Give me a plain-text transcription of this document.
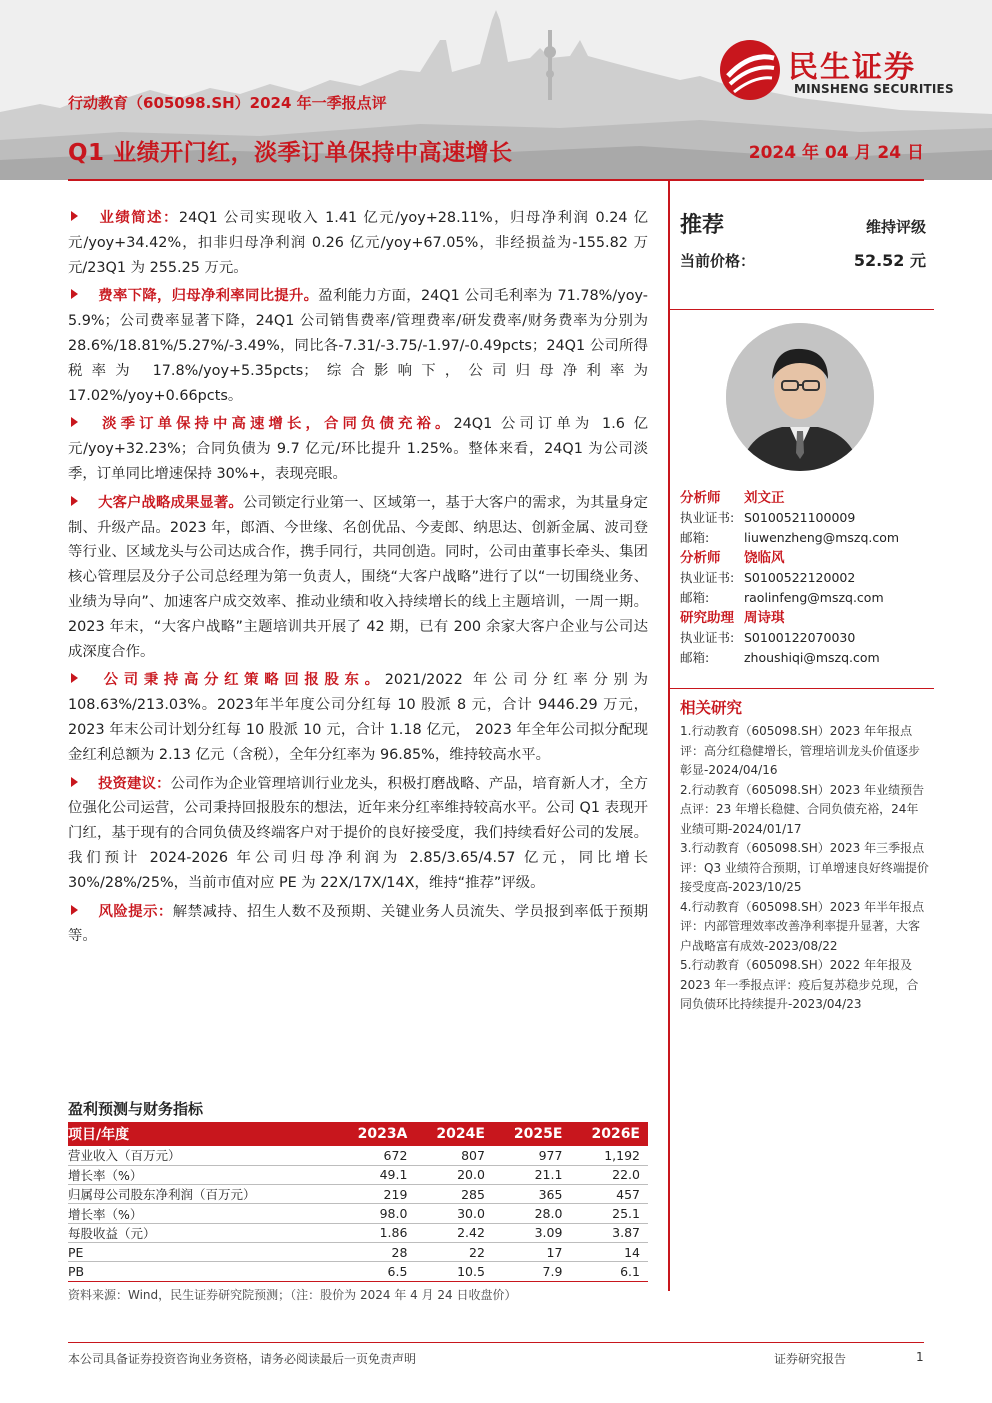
民生证券
MINSHENG SECURITIES
行动教育（605098.SH）2024 年一季报点评
Q1 业绩开门红，淡季订单保持中高速增长	2024 年 04 月 24 日

业绩简述：24Q1 公司实现收入 1.41 亿元/yoy+28.11%，归母净利润 0.24 亿元/yoy+34.42%，扣非归母净利润 0.26 亿元/yoy+67.05%，非经损益为-155.82 万元/23Q1 为 255.25 万元。

费率下降，归母净利率同比提升。盈利能力方面，24Q1 公司毛利率为 71.78%/yoy-5.9%；公司费率显著下降，24Q1 公司销售费率/管理费率/研发费率/财务费率为分别为 28.6%/18.81%/5.27%/-3.49%，同比各-7.31/-3.75/-1.97/-0.49pcts；24Q1 公司所得税率为 17.8%/yoy+5.35pcts；综合影响下，公司归母净利率为 17.02%/yoy+0.66pcts。

淡季订单保持中高速增长，合同负债充裕。24Q1 公司订单为 1.6 亿元/yoy+32.23%；合同负债为 9.7 亿元/环比提升 1.25%。整体来看，24Q1 为公司淡季，订单同比增速保持 30%+，表现亮眼。

大客户战略成果显著。公司锁定行业第一、区域第一，基于大客户的需求，为其量身定制、升级产品。2023 年，郎酒、今世缘、名创优品、今麦郎、纳思达、创新金属、波司登等行业、区域龙头与公司达成合作，携手同行，共同创造。同时，公司由董事长牵头、集团核心管理层及分子公司总经理为第一负责人，围绕“大客户战略”进行了以“一切围绕业务、业绩为导向”、加速客户成交效率、推动业绩和收入持续增长的线上主题培训，一周一期。2023 年末，“大客户战略”主题培训共开展了 42 期，已有 200 余家大客户企业与公司达成深度合作。

公司秉持高分红策略回报股东。2021/2022 年公司分红率分别为 108.63%/213.03%。2023年半年度公司分红每 10 股派 8 元，合计 9446.29 万元，2023 年末公司计划分红每 10 股派 10 元，合计 1.18 亿元， 2023 年全年公司拟分配现金红利总额为 2.13 亿元（含税），全年分红率为 96.85%，维持较高水平。

投资建议：公司作为企业管理培训行业龙头，积极打磨战略、产品，培育新人才，全方位强化公司运营，公司秉持回报股东的想法，近年来分红率维持较高水平。公司 Q1 表现开门红，基于现有的合同负债及终端客户对于提价的良好接受度，我们持续看好公司的发展。我们预计 2024-2026 年公司归母净利润为 2.85/3.65/4.57 亿元，同比增长 30%/28%/25%，当前市值对应 PE 为 22X/17X/14X，维持“推荐”评级。

风险提示：解禁减持、招生人数不及预期、关键业务人员流失、学员报到率低于预期等。

推荐	维持评级
当前价格：	52.52 元
分析师 刘文正
执业证书: S0100521100009
邮箱:	liuwenzheng@mszq.com
分析师 饶临风
执业证书: S0100522120002
邮箱:	raolinfeng@mszq.com
研究助理 周诗琪
执业证书: S0100122070030
邮箱:	zhoushiqi@mszq.com
相关研究
1.行动教育（605098.SH）2023 年年报点评：高分红稳健增长，管理培训龙头价值逐步彰显-2024/04/16
2.行动教育（605098.SH）2023 年业绩预告点评：23 年增长稳健、合同负债充裕，24年业绩可期-2024/01/17
3.行动教育（605098.SH）2023 年三季报点评：Q3 业绩符合预期，订单增速良好终端提价接受度高-2023/10/25
4.行动教育（605098.SH）2023 年半年报点评：内部管理效率改善净利率提升显著，大客户战略富有成效-2023/08/22
5.行动教育（605098.SH）2022 年年报及 2023 年一季报点评：疫后复苏稳步兑现，合同负债环比持续提升-2023/04/23
盈利预测与财务指标
项目/年度	2023A	2024E	2025E	2026E
营业收入（百万元）	672	807	977	1,192
增长率（%）	49.1	20.0	21.1	22.0
归属母公司股东净利润（百万元）	219	285	365	457
增长率（%）	98.0	30.0	28.0	25.1
每股收益（元）	1.86	2.42	3.09	3.87
PE	28	22	17	14
PB	6.5	10.5	7.9	6.1
资料来源：Wind，民生证券研究院预测；（注：股价为 2024 年 4 月 24 日收盘价）
本公司具备证券投资咨询业务资格，请务必阅读最后一页免责声明	证券研究报告	1
